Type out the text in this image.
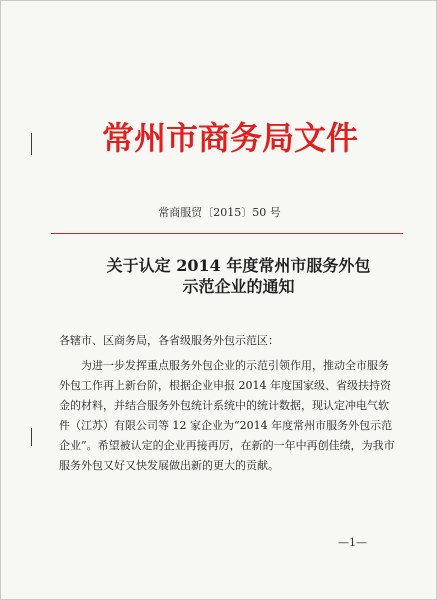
常州市商务局文件
常商服贸〔2015〕50 号
关于认定 2014 年度常州市服务外包
示范企业的通知
各辖市、区商务局，各省级服务外包示范区：
为进一步发挥重点服务外包企业的示范引领作用，推动全市服务外包工作再上新台阶，根据企业申报 2014 年度国家级、省级扶持资金的材料，并结合服务外包统计系统中的统计数据，现认定冲电气软件（江苏）有限公司等 12 家企业为“2014 年度常州市服务外包示范企业”。希望被认定的企业再接再厉，在新的一年中再创佳绩，为我市服务外包又好又快发展做出新的更大的贡献。
—1—
